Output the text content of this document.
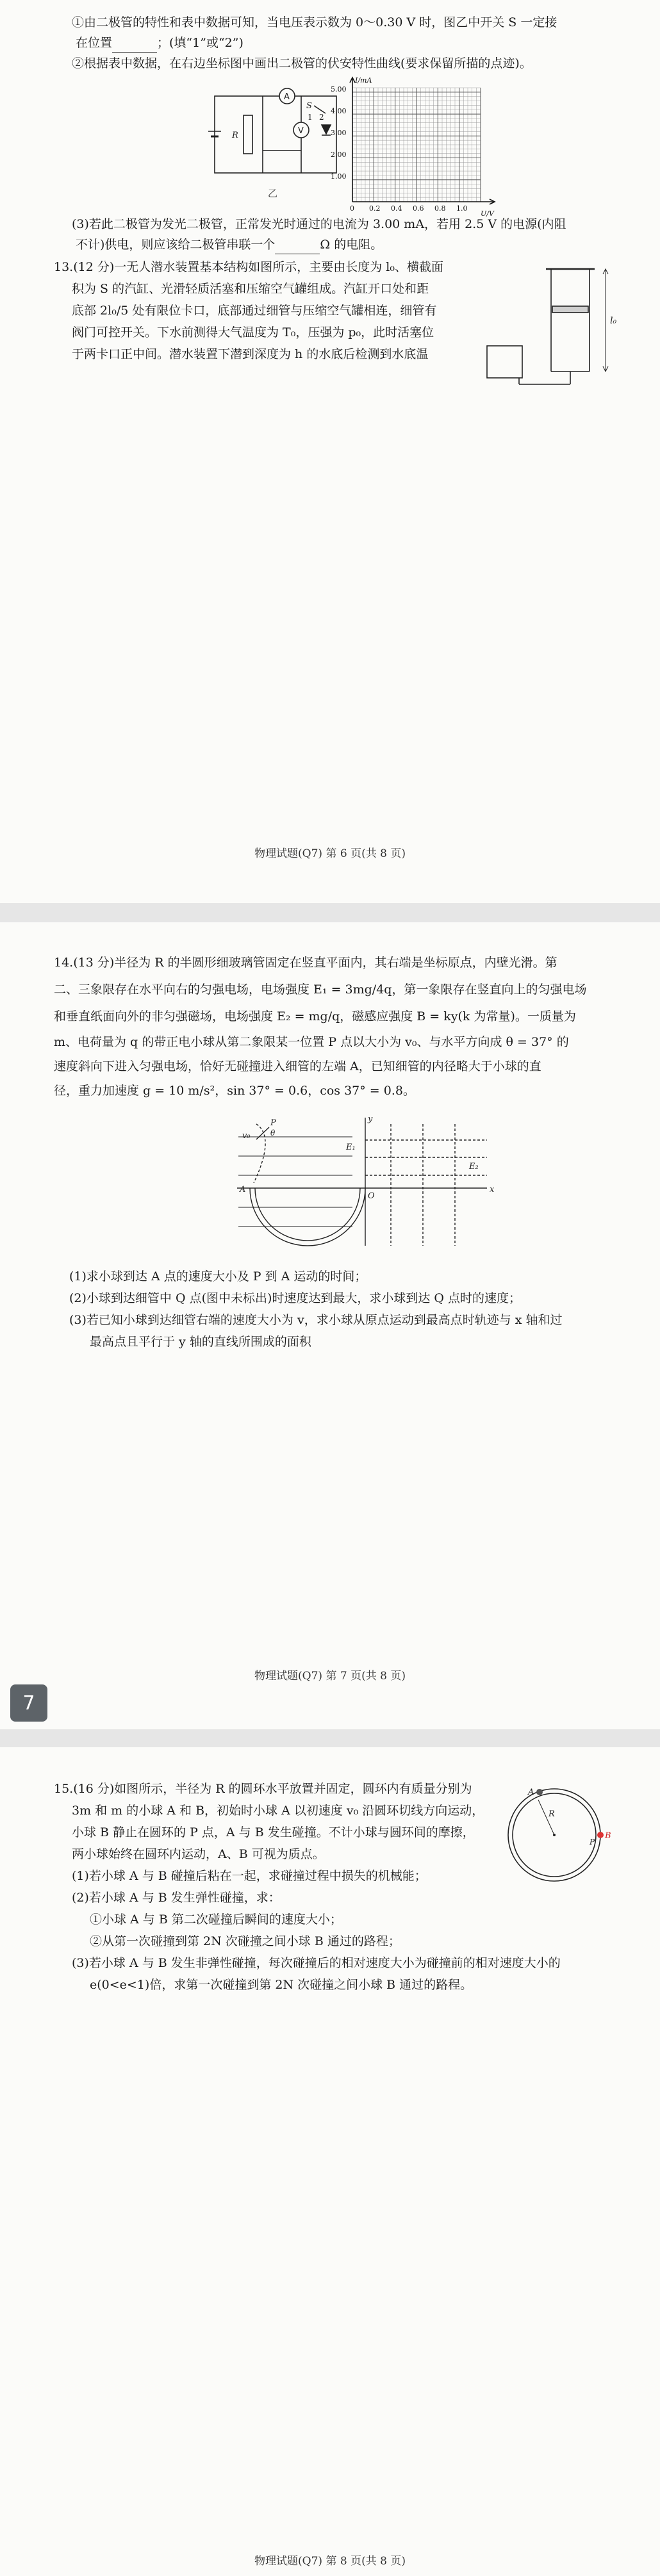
①由二极管的特性和表中数据可知，当电压表示数为 0～0.30 V 时，图乙中开关 S 一定接
在位置	；(填“1”或“2”)
②根据表中数据，在右边坐标图中画出二极管的伏安特性曲线(要求保留所描的点迹)。
A
V
S
1 2
R
乙
I/mA
U/V
5.00
4.00
3.00
2.00
1.00
0 0.2 0.4 0.6 0.8 1.0
(3)若此二极管为发光二极管，正常发光时通过的电流为 3.00 mA，若用 2.5 V 的电源(内阻
不计)供电，则应该给二极管串联一个	Ω 的电阻。
13.(12 分)一无人潜水装置基本结构如图所示，主要由长度为 l₀、横截面
积为 S 的汽缸、光滑轻质活塞和压缩空气罐组成。汽缸开口处和距
底部 2l₀/5 处有限位卡口，底部通过细管与压缩空气罐相连，细管有
阀门可控开关。下水前测得大气温度为 T₀，压强为 p₀，此时活塞位
于两卡口正中间。潜水装置下潜到深度为 h 的水底后检测到水底温
l₀
物理试题(Q7) 第 6 页(共 8 页)
14.(13 分)半径为 R 的半圆形细玻璃管固定在竖直平面内，其右端是坐标原点，内壁光滑。第
二、三象限存在水平向右的匀强电场，电场强度 E₁ = 3mg/4q，第一象限存在竖直向上的匀强电场
和垂直纸面向外的非匀强磁场，电场强度 E₂ = mg/q，磁感应强度 B = ky(k 为常量)。一质量为
m、电荷量为 q 的带正电小球从第二象限某一位置 P 点以大小为 v₀、与水平方向成 θ = 37° 的
速度斜向下进入匀强电场，恰好无碰撞进入细管的左端 A，已知细管的内径略大于小球的直
径，重力加速度 g = 10 m/s²，sin 37° = 0.6，cos 37° = 0.8。
P
v₀	θ
A
E₁
E₂
y
x
O
(1)求小球到达 A 点的速度大小及 P 到 A 运动的时间；
(2)小球到达细管中 Q 点(图中未标出)时速度达到最大，求小球到达 Q 点时的速度；
(3)若已知小球到达细管右端的速度大小为 v，求小球从原点运动到最高点时轨迹与 x 轴和过
最高点且平行于 y 轴的直线所围成的面积
物理试题(Q7) 第 7 页(共 8 页)
7
15.(16 分)如图所示，半径为 R 的圆环水平放置并固定，圆环内有质量分别为
3m 和 m 的小球 A 和 B，初始时小球 A 以初速度 v₀ 沿圆环切线方向运动，
小球 B 静止在圆环的 P 点，A 与 B 发生碰撞。不计小球与圆环间的摩擦，
两小球始终在圆环内运动，A、B 可视为质点。
(1)若小球 A 与 B 碰撞后粘在一起，求碰撞过程中损失的机械能；
(2)若小球 A 与 B 发生弹性碰撞，求：
①小球 A 与 B 第二次碰撞后瞬间的速度大小；
②从第一次碰撞到第 2N 次碰撞之间小球 B 通过的路程；
(3)若小球 A 与 B 发生非弹性碰撞，每次碰撞后的相对速度大小为碰撞前的相对速度大小的
e(0<e<1)倍，求第一次碰撞到第 2N 次碰撞之间小球 B 通过的路程。
R
B
A
P
物理试题(Q7) 第 8 页(共 8 页)
